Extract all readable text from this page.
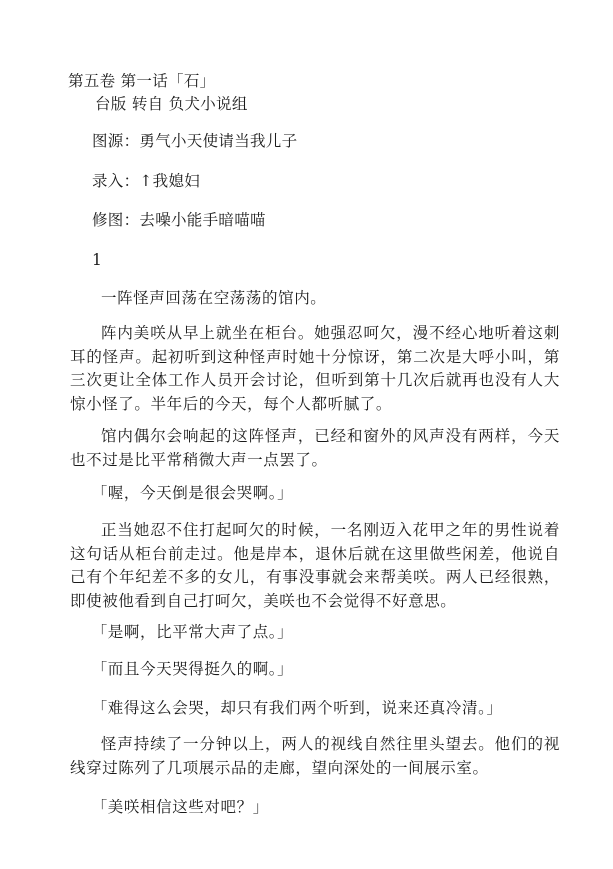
第五卷 第一话「石」
台版 转自 负犬小说组
图源：勇气小天使请当我儿子
录入：↑我媳妇
修图：去噪小能手暗喵喵
1
一阵怪声回荡在空荡荡的馆内。
阵内美咲从早上就坐在柜台。她强忍呵欠，漫不经心地听着这刺耳的怪声。起初听到这种怪声时她十分惊讶，第二次是大呼小叫，第三次更让全体工作人员开会讨论，但听到第十几次后就再也没有人大惊小怪了。半年后的今天，每个人都听腻了。
馆内偶尔会响起的这阵怪声，已经和窗外的风声没有两样，今天也不过是比平常稍微大声一点罢了。
「喔，今天倒是很会哭啊。」
正当她忍不住打起呵欠的时候，一名刚迈入花甲之年的男性说着这句话从柜台前走过。他是岸本，退休后就在这里做些闲差，他说自己有个年纪差不多的女儿，有事没事就会来帮美咲。两人已经很熟，即使被他看到自己打呵欠，美咲也不会觉得不好意思。
「是啊，比平常大声了点。」
「而且今天哭得挺久的啊。」
「难得这么会哭，却只有我们两个听到，说来还真冷清。」
怪声持续了一分钟以上，两人的视线自然往里头望去。他们的视线穿过陈列了几项展示品的走廊，望向深处的一间展示室。
「美咲相信这些对吧？」
